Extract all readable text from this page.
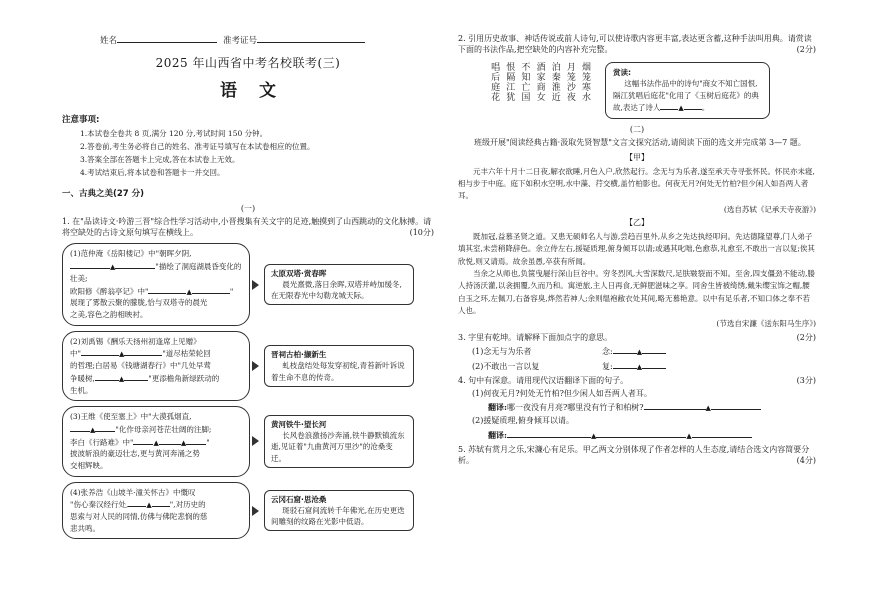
姓名	准考证号
2025 年山西省中考名校联考(三)
语文
注意事项:
1.本试卷全卷共 8 页,满分 120 分,考试时间 150 分钟。
2.答卷前,考生务必将自己的姓名、准考证号填写在本试卷相应的位置。
3.答案全部在答题卡上完成,答在本试卷上无效。
4.考试结束后,将本试卷和答题卡一并交回。
一、古典之美(27 分)
(一)
1. 在"品读诗文·吟游三晋"综合性学习活动中,小晋搜集有关文字的足迹,触摸到了山西跳动的文化脉搏。请将空缺处的古诗文原句填写在横线上。	(10分)
(1)范仲淹《岳阳楼记》中"朝晖夕阴,
▲	"描绘了洞庭湖晨昏变化的壮美;
欧阳修《醉翁亭记》中"	▲	"
展现了雾散云聚的朦胧,恰与双塔寺的晨光
之美,容色之韵相映衬。
太原双塔·赏春晖
晨光熹微,落日余晖,双塔并峙加缓冬,在无限春光中勾勒龙城天际。
(2)刘禹锡《酬乐天扬州初逢席上见赠》
中"	▲	"道尽枯荣轮回
的哲理;白居易《钱塘湖春行》中"几处早莺
争暖树,	▲	"更添檐角新绿跃动的
生机。
晋祠古柏·撷新生
虬枝盘结处每发穿初绽,青苔新叶诉说着生命不息的传奇。
(3)王维《使至塞上》中"大漠孤烟直,
▲	"化作母亲河苍茫壮阔的注脚;
李白《行路难》中"	▲	▲	"
披波斩浪的豪迈壮志,更与黄河奔涌之势
交相辉映。
黄河铁牛·望长河
长风卷浪激扬沙奔涌,铁牛静默镇流东逝,见证着"九曲黄河万里沙"的沧桑变迁。
(4)张养浩《山坡羊·潼关怀古》中慨叹
"伤心秦汉经行处,	▲ ",对历史的
思索与对人民的同情,仿佛与佛陀悲悯的慈
悲共鸣。
云冈石窟·思沧桑
斑驳石窟间流转千年佛光,在历史更迭间雕刻的纹路在光影中低语。
2. 引用历史故事、神话传说或前人诗句,可以使诗歌内容更丰富,表达更含蓄,这种手法叫用典。请赏读下面的书法作品,把空缺处的内容补充完整。	(2分)
烟笼寒水
月笼沙夜
泊秦淮近
酒家商女
不知亡国
恨隔江犹
唱后庭花	赏读:
这幅书法作品中的诗句"商女不知亡国恨,隔江犹唱后庭花"化用了《玉树后庭花》的典故,表达了诗人	▲ 。
(二)
班级开展"阅读经典古籍·汲取先贤智慧"文言文探究活动,请阅读下面的选文并完成第 3—7 题。
【甲】
元丰六年十月十二日夜,解衣欲睡,月色入户,欣然起行。念无与为乐者,遂至承天寺寻张怀民。怀民亦未寝,相与步于中庭。庭下如积水空明,水中藻、荇交横,盖竹柏影也。何夜无月?何处无竹柏?但少闲人如吾两人者耳。
(选自苏轼《记承天寺夜游》)
【乙】
既加冠,益慕圣贤之道。又患无硕师名人与游,尝趋百里外,从乡之先达执经叩问。先达德隆望尊,门人弟子填其室,未尝稍降辞色。余立侍左右,援疑质理,俯身倾耳以请;或遇其叱咄,色愈恭,礼愈至,不敢出一言以复;俟其欣悦,则又请焉。故余虽愚,卒获有所闻。
当余之从师也,负箧曳屣行深山巨谷中。穷冬烈风,大雪深数尺,足肤皲裂而不知。至舍,四支僵劲不能动,媵人持汤沃灌,以衾拥覆,久而乃和。寓逆旅,主人日再食,无鲜肥滋味之享。同舍生皆被绮绣,戴朱缨宝饰之帽,腰白玉之环,左佩刀,右备容臭,烨然若神人;余则缊袍敝衣处其间,略无慕艳意。以中有足乐者,不知口体之奉不若人也。
(节选自宋濂《送东阳马生序》)
3. 字里有乾坤。请解释下面加点字的意思。	(2分)
(1)念无与为乐者	念:	▲
(2)不敢出一言以复	复:	▲
4. 句中有深意。请用现代汉语翻译下面的句子。	(3分)
(1)何夜无月?何处无竹柏?但少闲人如吾两人者耳。
翻译:哪一夜没有月亮?哪里没有竹子和柏树?	▲
(2)援疑质理,俯身倾耳以请。
翻译:	▲	▲
5. 苏轼有赏月之乐,宋濂心有足乐。甲乙两文分别体现了作者怎样的人生态度,请结合选文内容简要分析。	(4分)
